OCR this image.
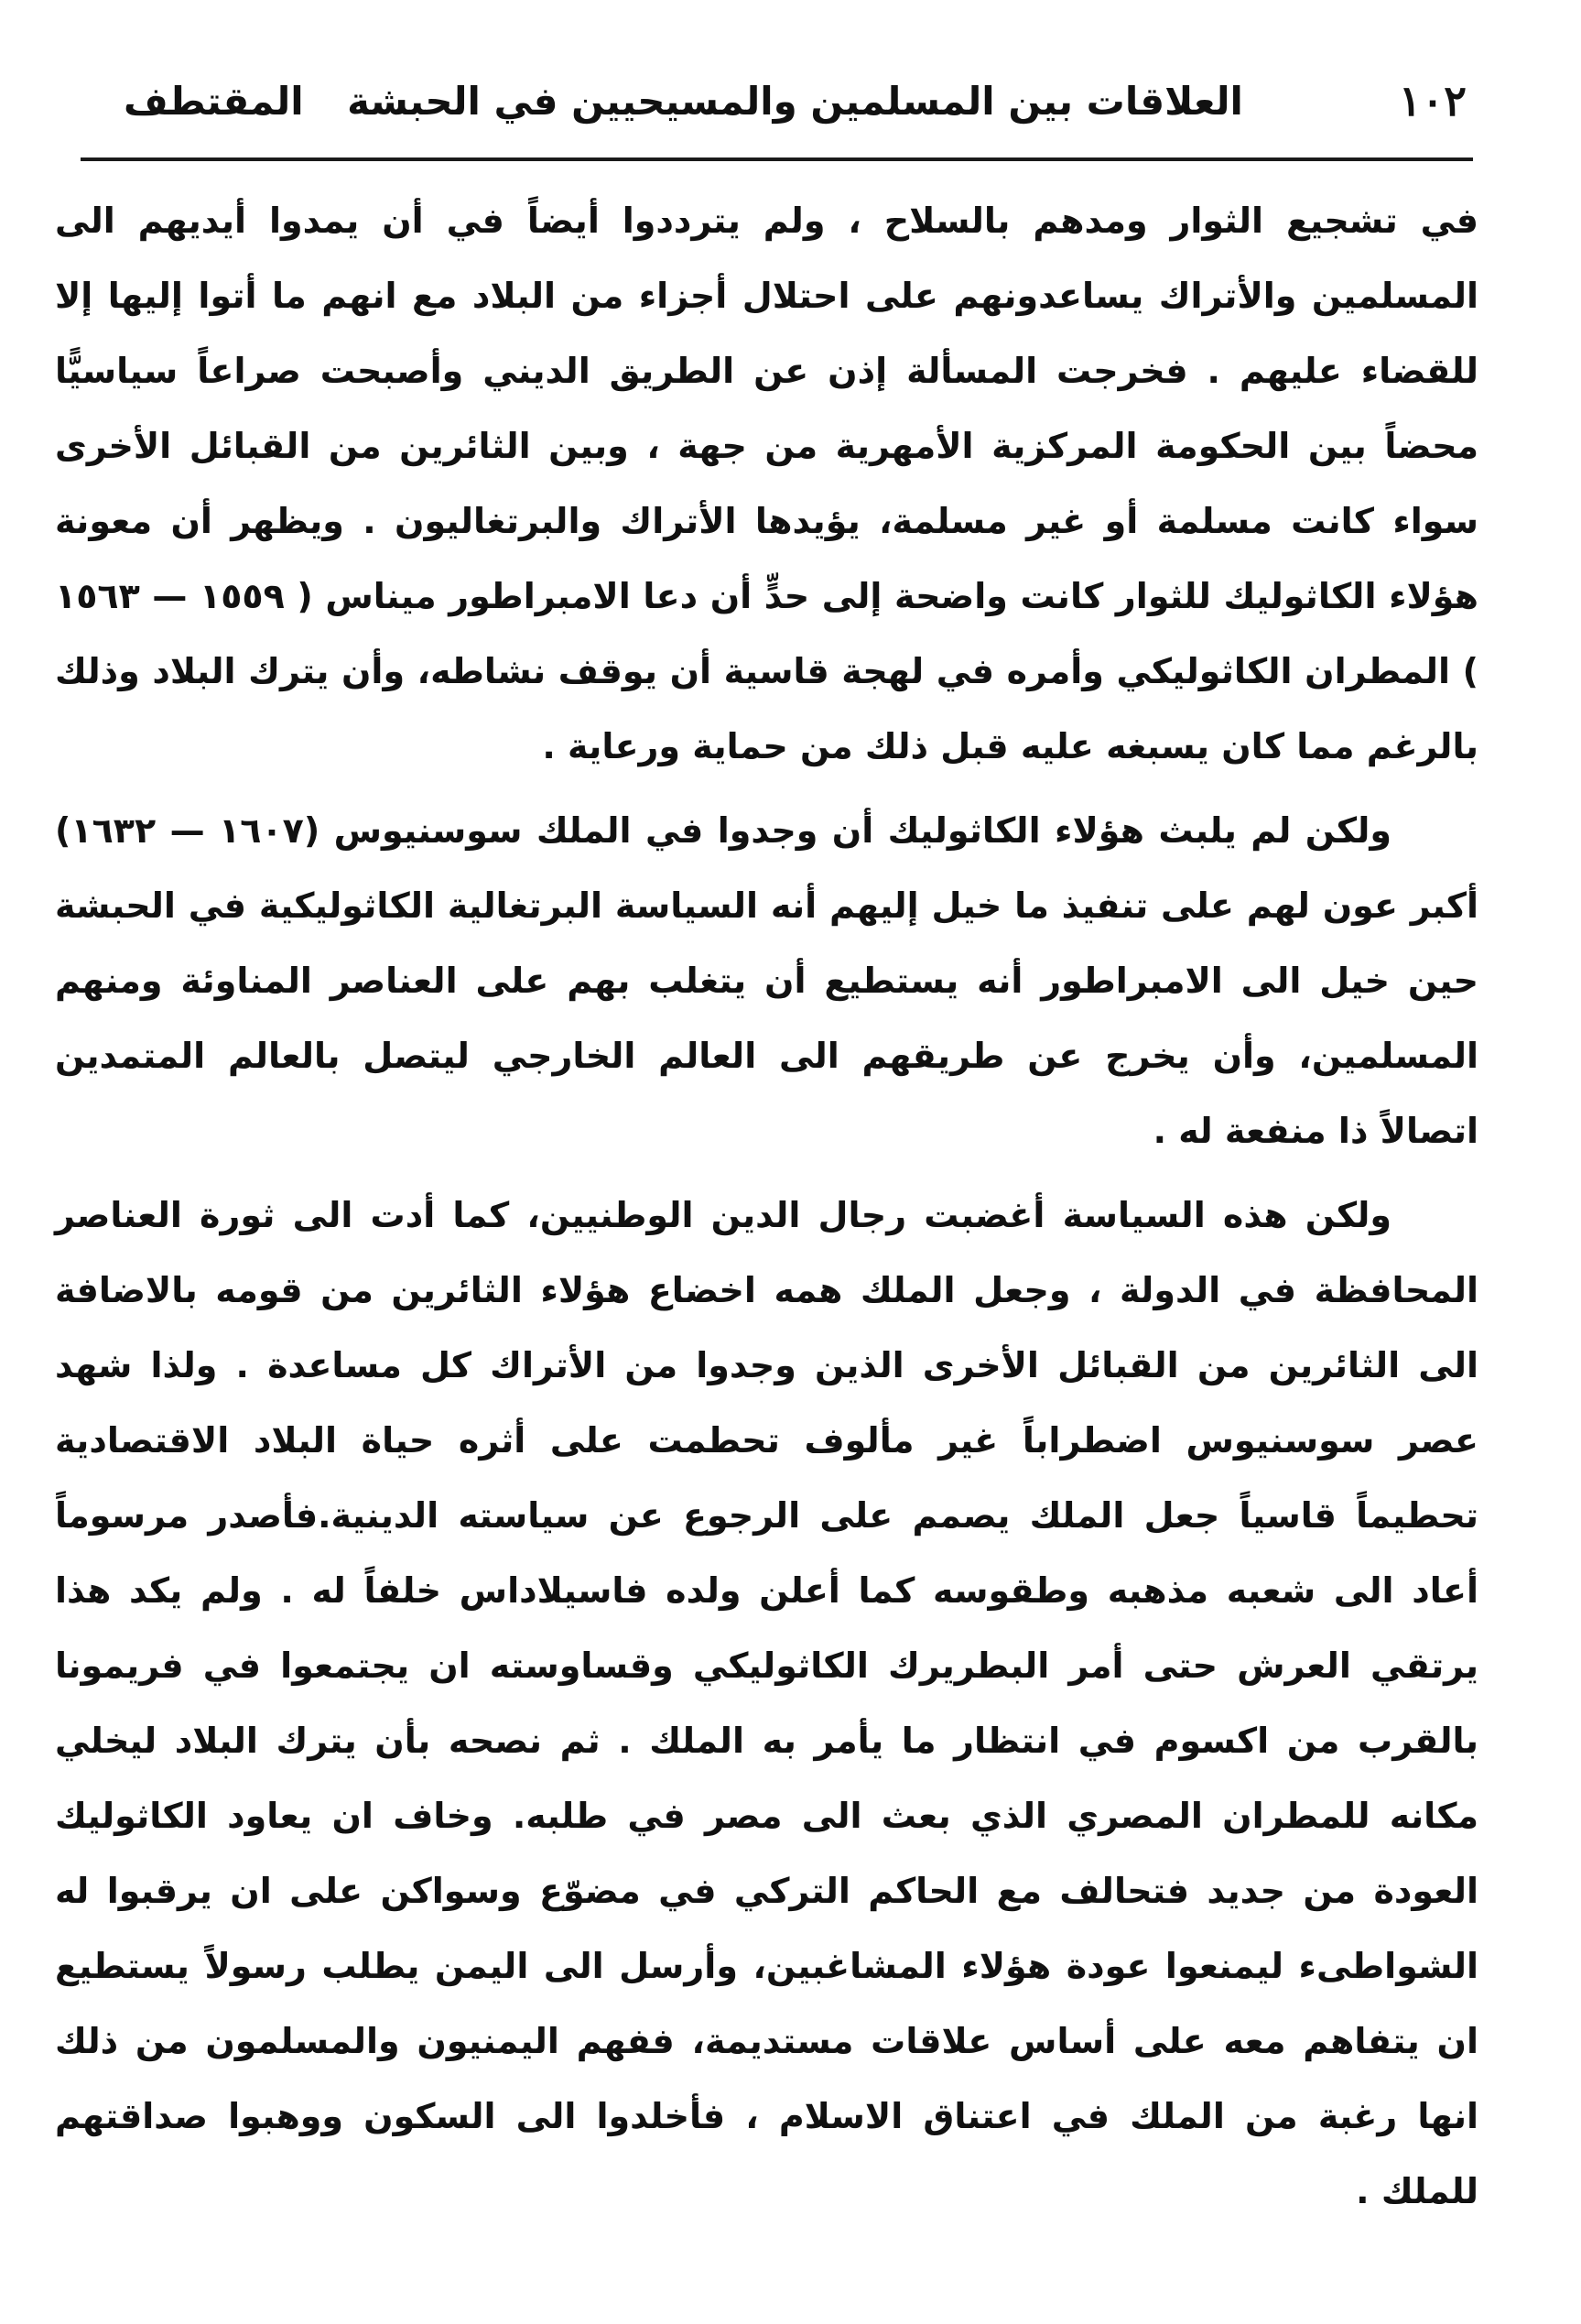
١٠٢
العلاقات بين المسلمين والمسيحيين في الحبشة
المقتطف

في تشجيع الثوار ومدهم بالسلاح ، ولم يترددوا أيضاً في أن يمدوا أيديهم الى المسلمين والأتراك يساعدونهم على احتلال أجزاء من البلاد مع انهم ما أتوا إليها إلا للقضاء عليهم . فخرجت المسألة إذن عن الطريق الديني وأصبحت صراعاً سياسيًّا محضاً بين الحكومة المركزية الأمهرية من جهة ، وبين الثائرين من القبائل الأخرى سواء كانت مسلمة أو غير مسلمة، يؤيدها الأتراك والبرتغاليون . ويظهر أن معونة هؤلاء الكاثوليك للثوار كانت واضحة إلى حدٍّ أن دعا الامبراطور ميناس ( ١٥٥٩ — ١٥٦٣ ) المطران الكاثوليكي وأمره في لهجة قاسية أن يوقف نشاطه، وأن يترك البلاد وذلك بالرغم مما كان يسبغه عليه قبل ذلك من حماية ورعاية .

ولكن لم يلبث هؤلاء الكاثوليك أن وجدوا في الملك سوسنيوس (١٦٠٧ — ١٦٣٢) أكبر عون لهم على تنفيذ ما خيل إليهم أنه السياسة البرتغالية الكاثوليكية في الحبشة حين خيل الى الامبراطور أنه يستطيع أن يتغلب بهم على العناصر المناوئة ومنهم المسلمين، وأن يخرج عن طريقهم الى العالم الخارجي ليتصل بالعالم المتمدين اتصالاً ذا منفعة له .

ولكن هذه السياسة أغضبت رجال الدين الوطنيين، كما أدت الى ثورة العناصر المحافظة في الدولة ، وجعل الملك همه اخضاع هؤلاء الثائرين من قومه بالاضافة الى الثائرين من القبائل الأخرى الذين وجدوا من الأتراك كل مساعدة . ولذا شهد عصر سوسنيوس اضطراباً غير مألوف تحطمت على أثره حياة البلاد الاقتصادية تحطيماً قاسياً جعل الملك يصمم على الرجوع عن سياسته الدينية.فأصدر مرسوماً أعاد الى شعبه مذهبه وطقوسه كما أعلن ولده فاسيلاداس خلفاً له . ولم يكد هذا يرتقي العرش حتى أمر البطريرك الكاثوليكي وقساوسته ان يجتمعوا في فريمونا بالقرب من اكسوم في انتظار ما يأمر به الملك . ثم نصحه بأن يترك البلاد ليخلي مكانه للمطران المصري الذي بعث الى مصر في طلبه. وخاف ان يعاود الكاثوليك العودة من جديد فتحالف مع الحاكم التركي في مضوّع وسواكن على ان يرقبوا له الشواطىء ليمنعوا عودة هؤلاء المشاغبين، وأرسل الى اليمن يطلب رسولاً يستطيع ان يتفاهم معه على أساس علاقات مستديمة، ففهم اليمنيون والمسلمون من ذلك انها رغبة من الملك في اعتناق الاسلام ، فأخلدوا الى السكون ووهبوا صداقتهم للملك .
